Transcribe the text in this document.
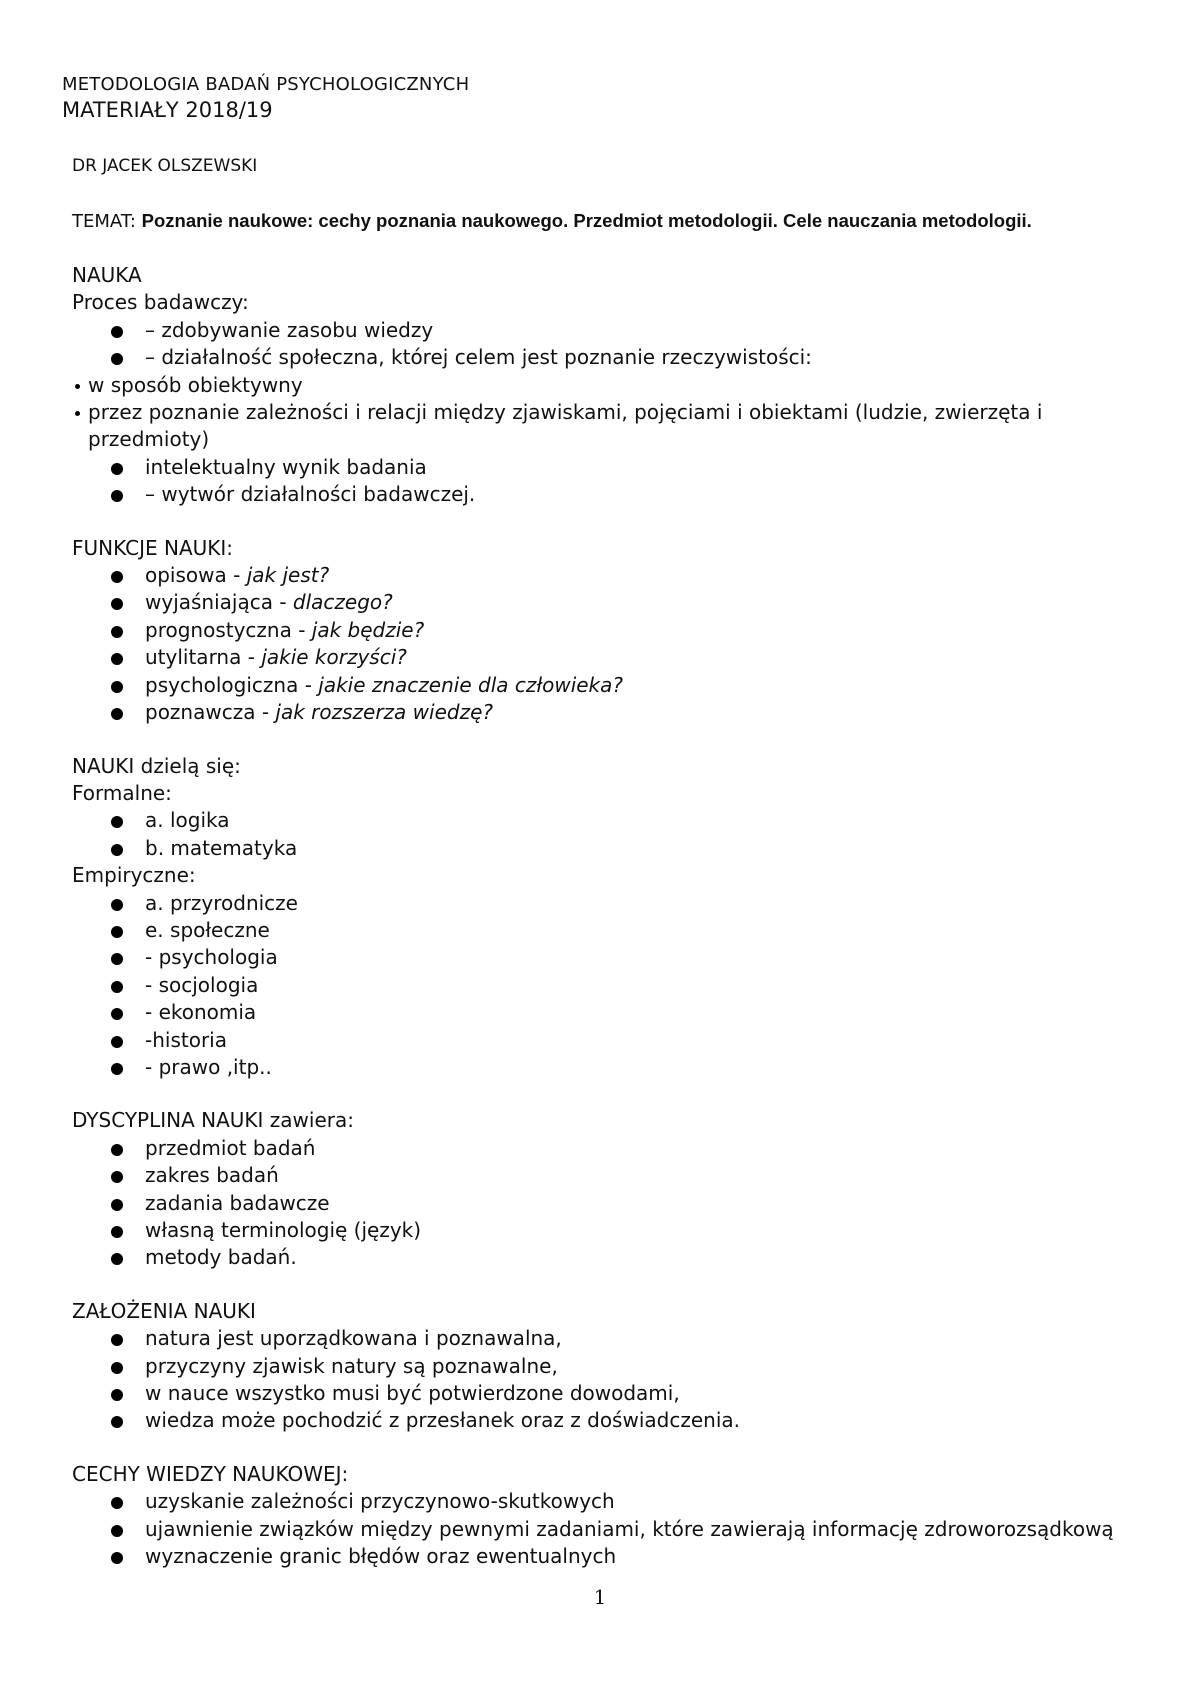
METODOLOGIA BADAŃ PSYCHOLOGICZNYCH
MATERIAŁY 2018/19
DR JACEK OLSZEWSKI
TEMAT: Poznanie naukowe: cechy poznania naukowego. Przedmiot metodologii. Cele nauczania metodologii.
NAUKA
Proces badawczy:
– zdobywanie zasobu wiedzy
– działalność społeczna, której celem jest poznanie rzeczywistości:
w sposób obiektywny
przez poznanie zależności i relacji między zjawiskami, pojęciami i obiektami (ludzie, zwierzęta i
przedmioty)
intelektualny wynik badania
– wytwór działalności badawczej.
FUNKCJE NAUKI:
opisowa - jak jest?
wyjaśniająca - dlaczego?
prognostyczna - jak będzie?
utylitarna - jakie korzyści?
psychologiczna - jakie znaczenie dla człowieka?
poznawcza - jak rozszerza wiedzę?
NAUKI dzielą się:
Formalne:
a. logika
b. matematyka
Empiryczne:
a. przyrodnicze
e. społeczne
- psychologia
- socjologia
- ekonomia
-historia
- prawo ,itp..
DYSCYPLINA NAUKI zawiera:
przedmiot badań
zakres badań
zadania badawcze
własną terminologię (język)
metody badań.
ZAŁOŻENIA NAUKI
natura jest uporządkowana i poznawalna,
przyczyny zjawisk natury są poznawalne,
w nauce wszystko musi być potwierdzone dowodami,
wiedza może pochodzić z przesłanek oraz z doświadczenia.
CECHY WIEDZY NAUKOWEJ:
uzyskanie zależności przyczynowo-skutkowych
ujawnienie związków między pewnymi zadaniami, które zawierają informację zdroworozsądkową
wyznaczenie granic błędów oraz ewentualnych
1
